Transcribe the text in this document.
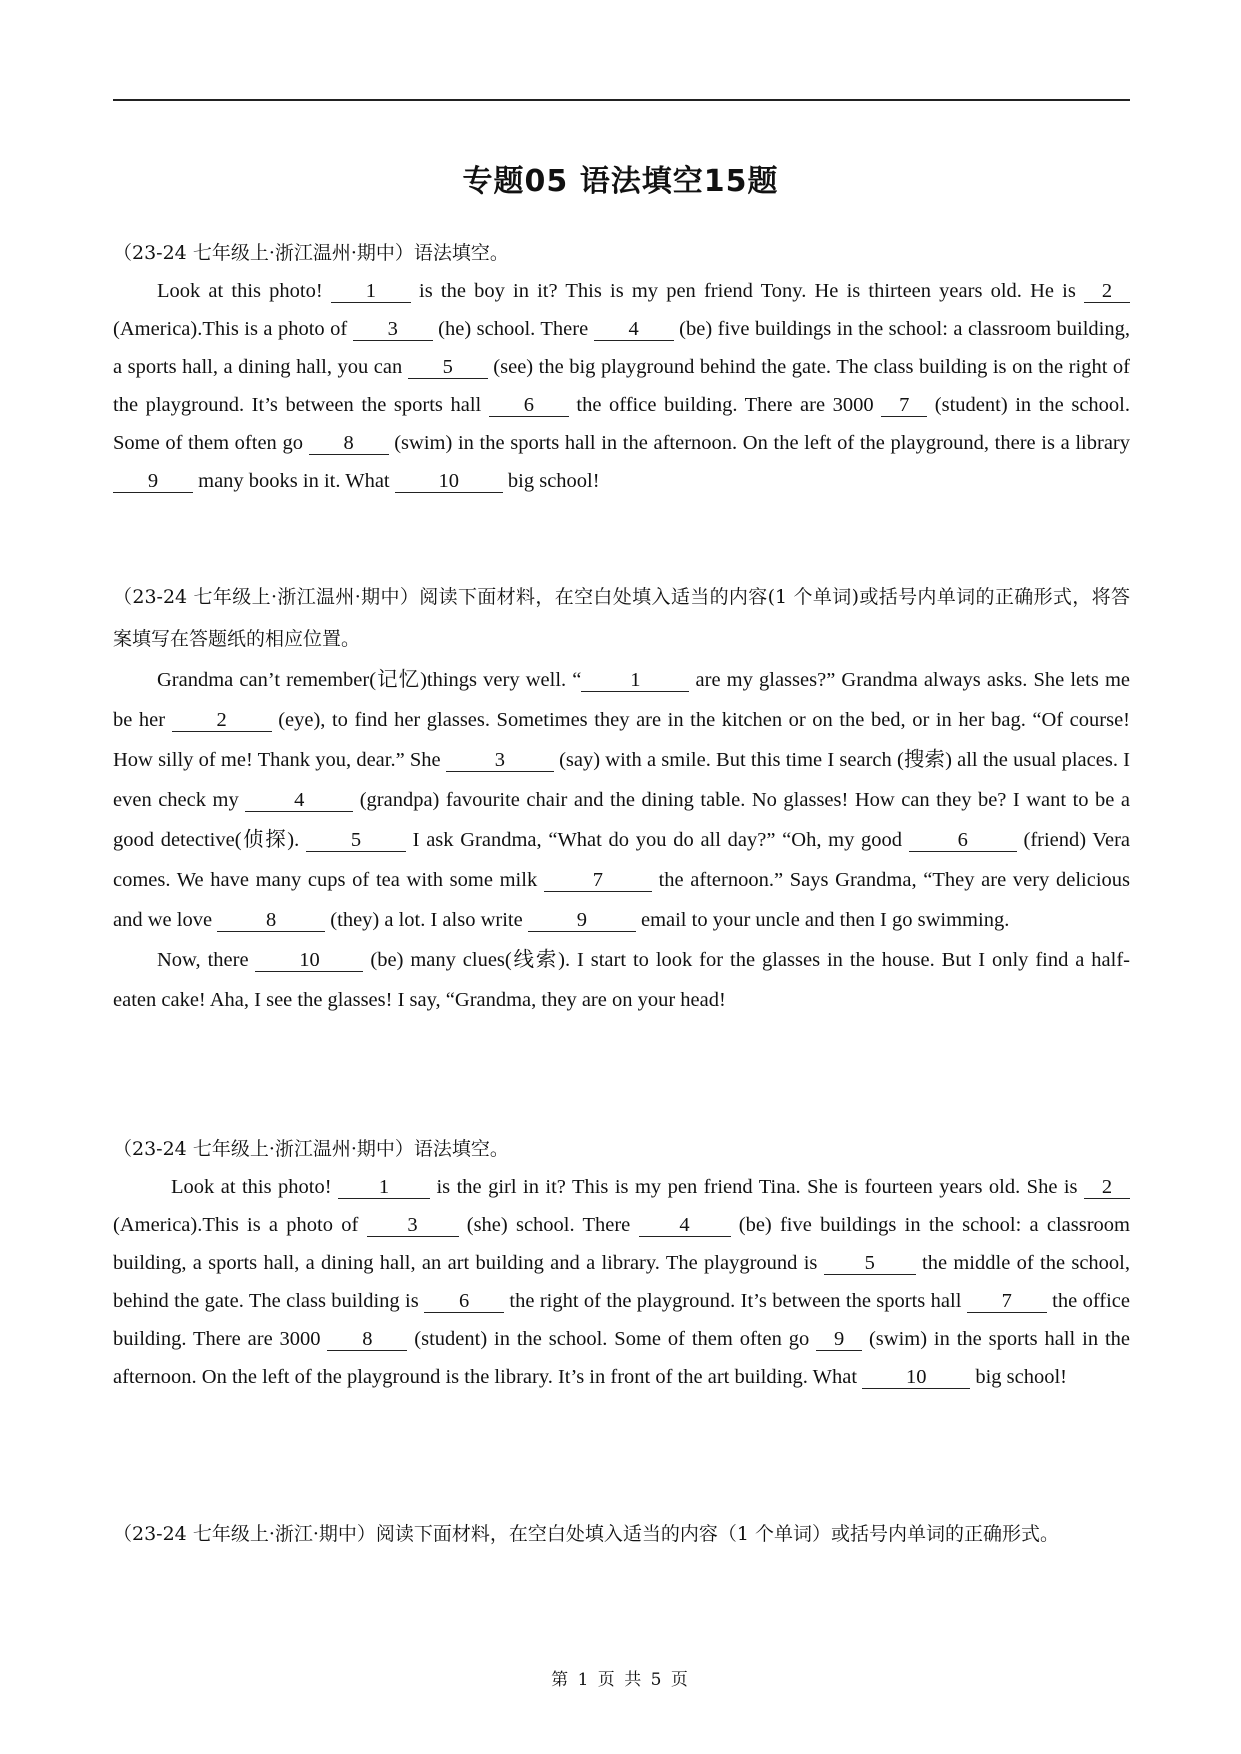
专题05 语法填空15题

（23-24 七年级上·浙江温州·期中）语法填空。

Look at this photo! 1 is the boy in it? This is my pen friend Tony. He is thirteen years old. He is 2 (America).This is a photo of 3 (he) school. There 4 (be) five buildings in the school: a classroom building, a sports hall, a dining hall, you can 5 (see) the big playground behind the gate. The class building is on the right of the playground. It’s between the sports hall 6 the office building. There are 3000 7 (student) in the school. Some of them often go 8 (swim) in the sports hall in the afternoon. On the left of the playground, there is a library 9 many books in it. What 10 big school!

（23-24 七年级上·浙江温州·期中）阅读下面材料，在空白处填入适当的内容(1 个单词)或括号内单词的正确形式，将答案填写在答题纸的相应位置。

Grandma can’t remember(记忆)things very well. “ 1 are my glasses?” Grandma always asks. She lets me be her 2 (eye), to find her glasses. Sometimes they are in the kitchen or on the bed, or in her bag. “Of course! How silly of me! Thank you, dear.” She 3 (say) with a smile. But this time I search (搜索) all the usual places. I even check my 4 (grandpa) favourite chair and the dining table. No glasses! How can they be? I want to be a good detective(侦探). 5 I ask Grandma, “What do you do all day?” “Oh, my good 6 (friend) Vera comes. We have many cups of tea with some milk 7 the afternoon.” Says Grandma, “They are very delicious and we love 8 (they) a lot. I also write 9 email to your uncle and then I go swimming.

Now, there 10 (be) many clues(线索). I start to look for the glasses in the house. But I only find a half-eaten cake! Aha, I see the glasses! I say, “Grandma, they are on your head!

（23-24 七年级上·浙江温州·期中）语法填空。

Look at this photo! 1 is the girl in it? This is my pen friend Tina. She is fourteen years old. She is 2 (America).This is a photo of 3 (she) school. There 4 (be) five buildings in the school: a classroom building, a sports hall, a dining hall, an art building and a library. The playground is 5 the middle of the school, behind the gate. The class building is 6 the right of the playground. It’s between the sports hall 7 the office building. There are 3000 8 (student) in the school. Some of them often go 9 (swim) in the sports hall in the afternoon. On the left of the playground is the library. It’s in front of the art building. What 10 big school!

（23-24 七年级上·浙江·期中）阅读下面材料，在空白处填入适当的内容（1 个单词）或括号内单词的正确形式。

第 1 页 共 5 页
